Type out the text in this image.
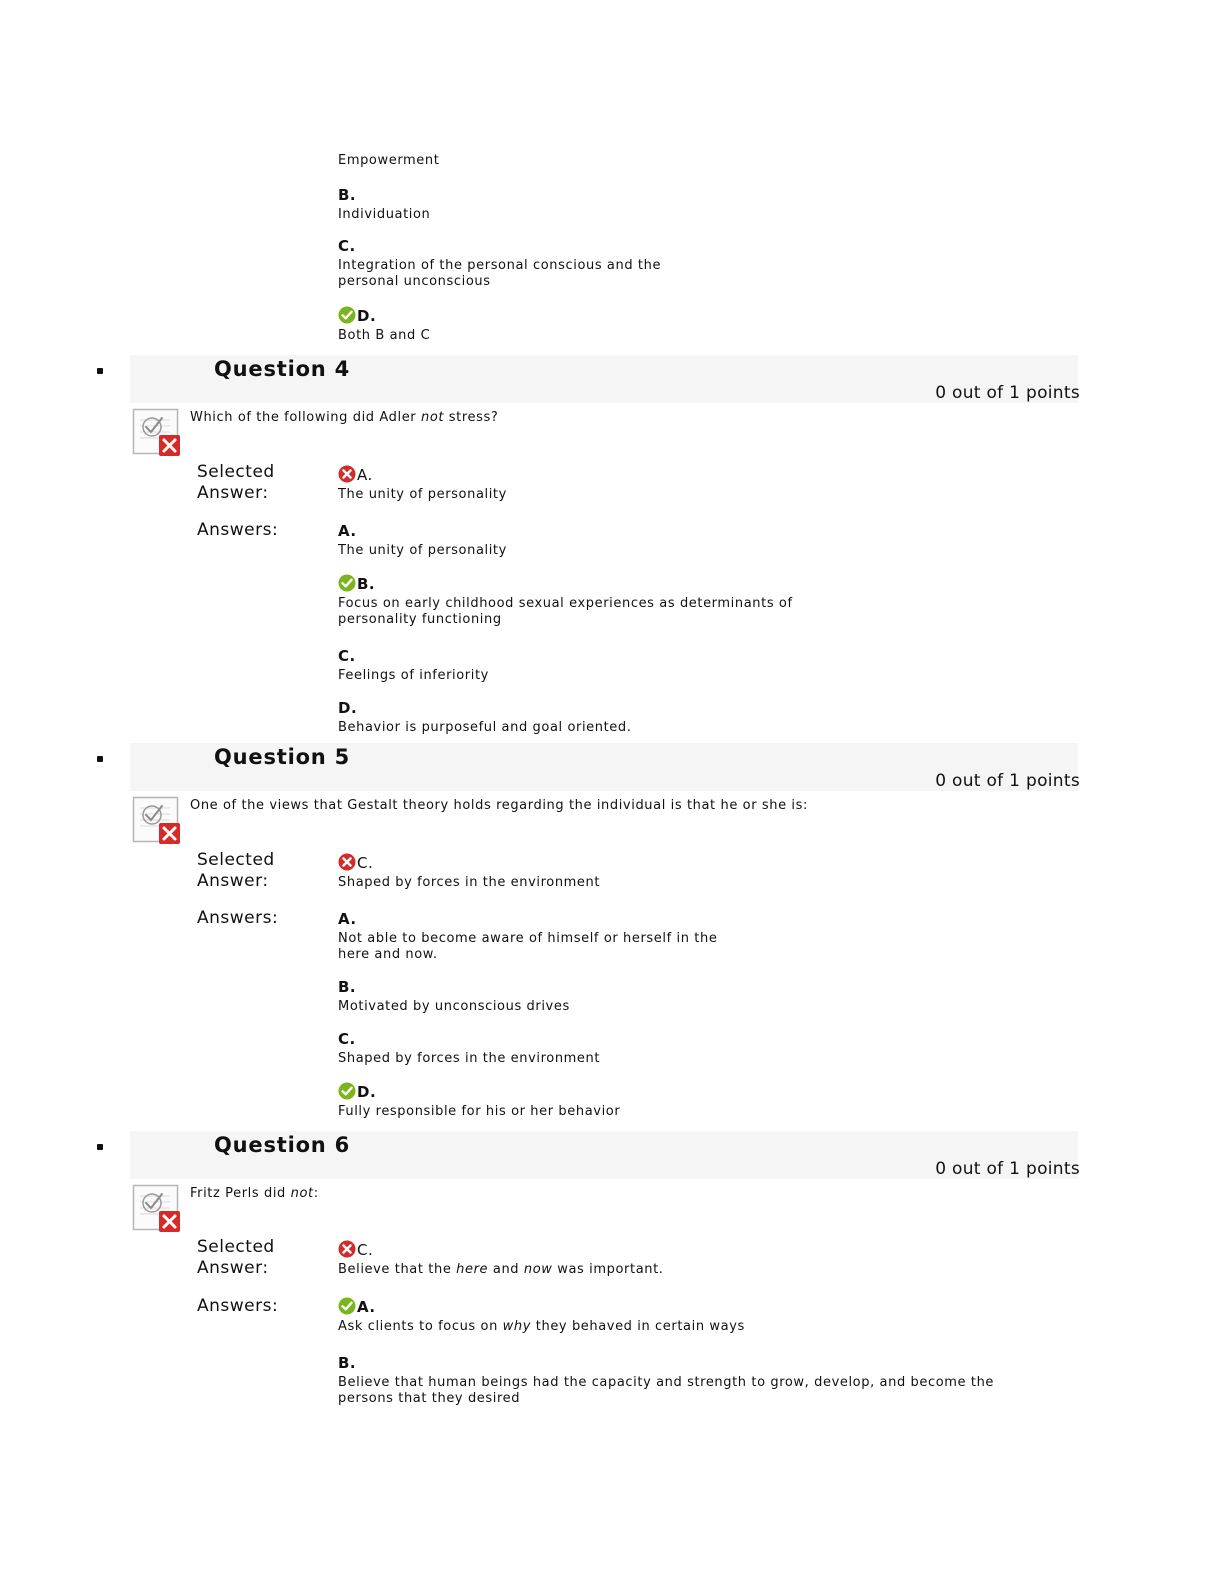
Empowerment
B.
Individuation
C.
Integration of the personal conscious and the
personal unconscious
D.
Both B and C
Question 4
0 out of 1 points
Which of the following did Adler not stress?
Selected
Answer:
A.
The unity of personality
Answers:	A.
The unity of personality
B.
Focus on early childhood sexual experiences as determinants of
personality functioning
C.
Feelings of inferiority
D.
Behavior is purposeful and goal oriented.
Question 5
0 out of 1 points
One of the views that Gestalt theory holds regarding the individual is that he or she is:
Selected
Answer:
C.
Shaped by forces in the environment
Answers:	A.
Not able to become aware of himself or herself in the
here and now.
B.
Motivated by unconscious drives
C.
Shaped by forces in the environment
D.
Fully responsible for his or her behavior
Question 6
0 out of 1 points
Fritz Perls did not:
Selected
Answer:
C.
Believe that the here and now was important.
Answers:	A.
Ask clients to focus on why they behaved in certain ways
B.
Believe that human beings had the capacity and strength to grow, develop, and become the
persons that they desired
